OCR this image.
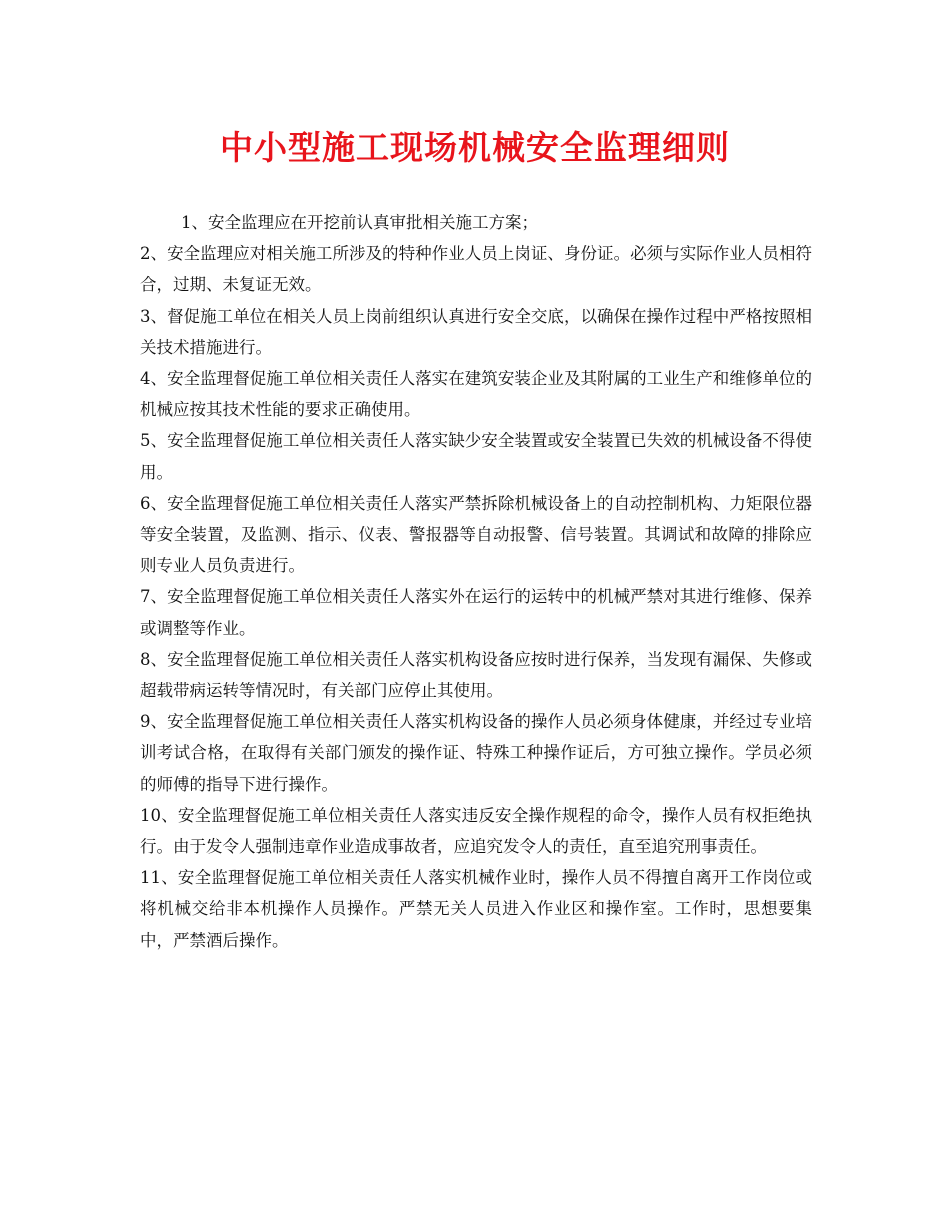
中小型施工现场机械安全监理细则

1、安全监理应在开挖前认真审批相关施工方案；

2、安全监理应对相关施工所涉及的特种作业人员上岗证、身份证。必须与实际作业人员相符合，过期、未复证无效。

3、督促施工单位在相关人员上岗前组织认真进行安全交底，以确保在操作过程中严格按照相关技术措施进行。

4、安全监理督促施工单位相关责任人落实在建筑安装企业及其附属的工业生产和维修单位的机械应按其技术性能的要求正确使用。

5、安全监理督促施工单位相关责任人落实缺少安全装置或安全装置已失效的机械设备不得使用。

6、安全监理督促施工单位相关责任人落实严禁拆除机械设备上的自动控制机构、力矩限位器等安全装置，及监测、指示、仪表、警报器等自动报警、信号装置。其调试和故障的排除应则专业人员负责进行。

7、安全监理督促施工单位相关责任人落实外在运行的运转中的机械严禁对其进行维修、保养或调整等作业。

8、安全监理督促施工单位相关责任人落实机构设备应按时进行保养，当发现有漏保、失修或超载带病运转等情况时，有关部门应停止其使用。

9、安全监理督促施工单位相关责任人落实机构设备的操作人员必须身体健康，并经过专业培训考试合格，在取得有关部门颁发的操作证、特殊工种操作证后，方可独立操作。学员必须的师傅的指导下进行操作。

10、安全监理督促施工单位相关责任人落实违反安全操作规程的命令，操作人员有权拒绝执行。由于发令人强制违章作业造成事故者，应追究发令人的责任，直至追究刑事责任。

11、安全监理督促施工单位相关责任人落实机械作业时，操作人员不得擅自离开工作岗位或将机械交给非本机操作人员操作。严禁无关人员进入作业区和操作室。工作时，思想要集中，严禁酒后操作。
